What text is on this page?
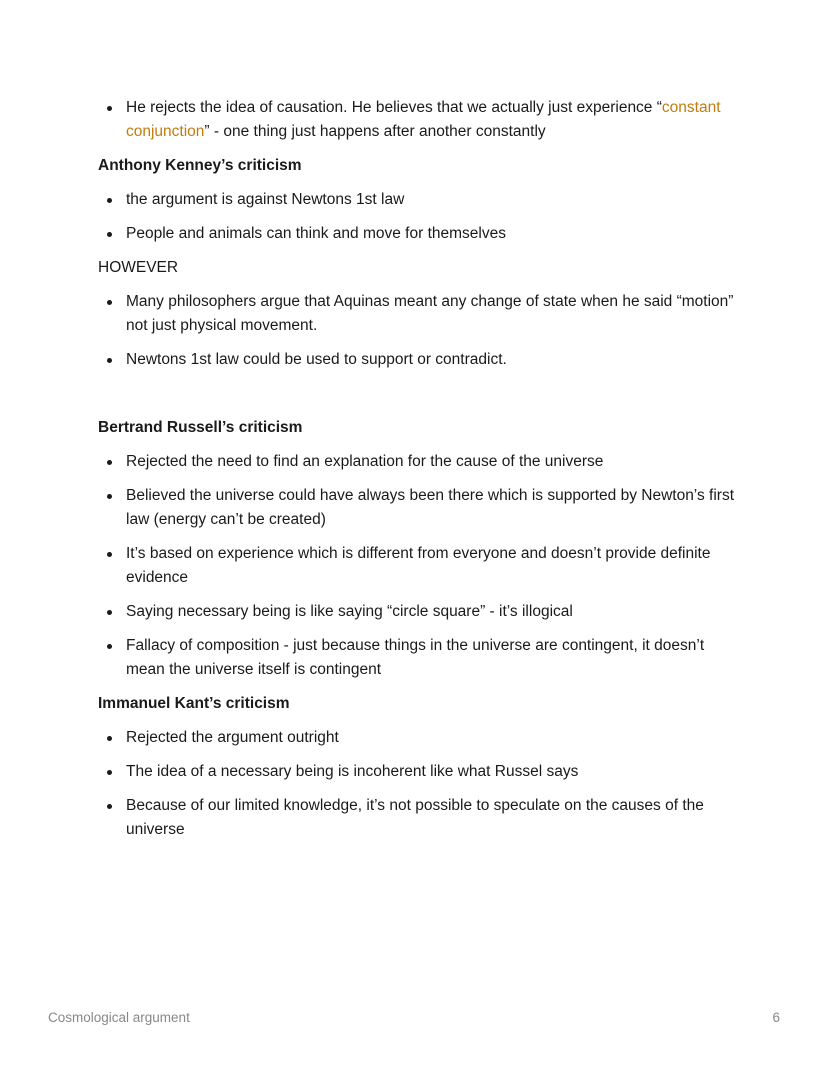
He rejects the idea of causation. He believes that we actually just experience “constant conjunction” - one thing just happens after another constantly
Anthony Kenney’s criticism
the argument is against Newtons 1st law
People and animals can think and move for themselves
HOWEVER
Many philosophers argue that Aquinas meant any change of state when he said “motion” not just physical movement.
Newtons 1st law could be used to support or contradict.
Bertrand Russell’s criticism
Rejected the need to find an explanation for the cause of the universe
Believed the universe could have always been there which is supported by Newton’s first law (energy can’t be created)
It’s based on experience which is different from everyone and doesn’t provide definite evidence
Saying necessary being is like saying “circle square” - it’s illogical
Fallacy of composition - just because things in the universe are contingent, it doesn’t mean the universe itself is contingent
Immanuel Kant’s criticism
Rejected the argument outright
The idea of a necessary being is incoherent like what Russel says
Because of our limited knowledge, it’s not possible to speculate on the causes of the universe
Cosmological argument	6
